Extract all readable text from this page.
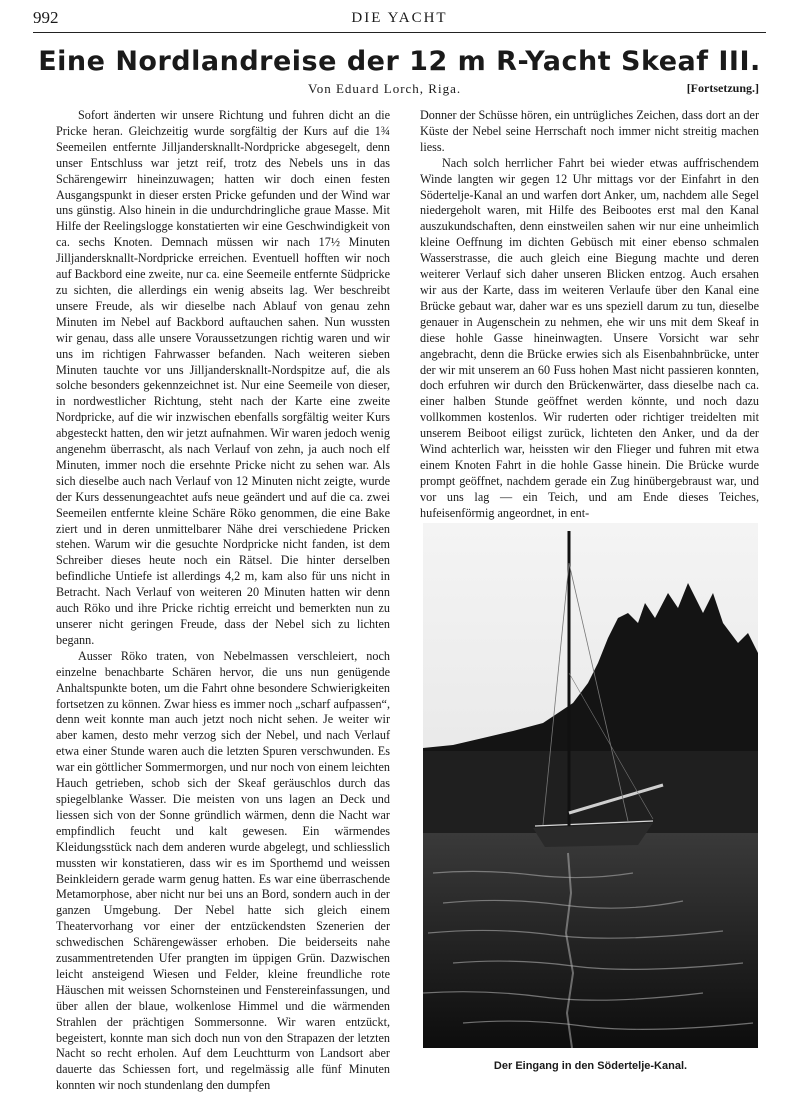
992	DIE YACHT
Eine Nordlandreise der 12 m R-Yacht Skeaf III.
Von Eduard Lorch, Riga.	[Fortsetzung.]

Sofort änderten wir unsere Richtung und fuhren dicht an die Pricke heran. Gleichzeitig wurde sorgfältig der Kurs auf die 1¾ Seemeilen entfernte Jilljandersknallt-Nordpricke abgesegelt, denn unser Entschluss war jetzt reif, trotz des Nebels uns in das Schärengewirr hineinzuwagen; hatten wir doch einen festen Ausgangspunkt in dieser ersten Pricke gefunden und der Wind war uns günstig. Also hinein in die undurchdringliche graue Masse. Mit Hilfe der Reelingslogge konstatierten wir eine Geschwindigkeit von ca. sechs Knoten. Demnach müssen wir nach 17½ Minuten Jilljandersknallt-Nordpricke erreichen. Eventuell hofften wir noch auf Backbord eine zweite, nur ca. eine Seemeile entfernte Südpricke zu sichten, die allerdings ein wenig abseits lag. Wer beschreibt unsere Freude, als wir dieselbe nach Ablauf von genau zehn Minuten im Nebel auf Backbord auftauchen sahen. Nun wussten wir genau, dass alle unsere Voraussetzungen richtig waren und wir uns im richtigen Fahrwasser befanden. Nach weiteren sieben Minuten tauchte vor uns Jilljandersknallt-Nordspitze auf, die als solche besonders gekennzeichnet ist. Nur eine Seemeile von dieser, in nordwestlicher Richtung, steht nach der Karte eine zweite Nordpricke, auf die wir inzwischen ebenfalls sorgfältig weiter Kurs abgesteckt hatten, den wir jetzt aufnahmen. Wir waren jedoch wenig angenehm überrascht, als nach Verlauf von zehn, ja auch noch elf Minuten, immer noch die ersehnte Pricke nicht zu sehen war. Als sich dieselbe auch nach Verlauf von 12 Minuten nicht zeigte, wurde der Kurs dessenungeachtet aufs neue geändert und auf die ca. zwei Seemeilen entfernte kleine Schäre Röko genommen, die eine Bake ziert und in deren unmittelbarer Nähe drei verschiedene Pricken stehen. Warum wir die gesuchte Nordpricke nicht fanden, ist dem Schreiber dieses heute noch ein Rätsel. Die hinter derselben befindliche Untiefe ist allerdings 4,2 m, kam also für uns nicht in Betracht. Nach Verlauf von weiteren 20 Minuten hatten wir denn auch Röko und ihre Pricke richtig erreicht und bemerkten nun zu unserer nicht geringen Freude, dass der Nebel sich zu lichten begann.

Ausser Röko traten, von Nebelmassen verschleiert, noch einzelne benachbarte Schären hervor, die uns nun genügende Anhaltspunkte boten, um die Fahrt ohne besondere Schwierigkeiten fortsetzen zu können. Zwar hiess es immer noch „scharf aufpassen“, denn weit konnte man auch jetzt noch nicht sehen. Je weiter wir aber kamen, desto mehr verzog sich der Nebel, und nach Verlauf etwa einer Stunde waren auch die letzten Spuren verschwunden. Es war ein göttlicher Sommermorgen, und nur noch von einem leichten Hauch getrieben, schob sich der Skeaf geräuschlos durch das spiegelblanke Wasser. Die meisten von uns lagen an Deck und liessen sich von der Sonne gründlich wärmen, denn die Nacht war empfindlich feucht und kalt gewesen. Ein wärmendes Kleidungsstück nach dem anderen wurde abgelegt, und schliesslich mussten wir konstatieren, dass wir es im Sporthemd und weissen Beinkleidern gerade warm genug hatten. Es war eine überraschende Metamorphose, aber nicht nur bei uns an Bord, sondern auch in der ganzen Umgebung. Der Nebel hatte sich gleich einem Theatervorhang vor einer der entzückendsten Szenerien der schwedischen Schärengewässer erhoben. Die beiderseits nahe zusammentretenden Ufer prangten im üppigen Grün. Dazwischen leicht ansteigend Wiesen und Felder, kleine freundliche rote Häuschen mit weissen Schornsteinen und Fenstereinfassungen, und über allen der blaue, wolkenlose Himmel und die wärmenden Strahlen der prächtigen Sommersonne. Wir waren entzückt, begeistert, konnte man sich doch nun von den Strapazen der letzten Nacht so recht erholen. Auf dem Leuchtturm von Landsort aber dauerte das Schiessen fort, und regelmässig alle fünf Minuten konnten wir noch stundenlang den dumpfen

Donner der Schüsse hören, ein untrügliches Zeichen, dass dort an der Küste der Nebel seine Herrschaft noch immer nicht streitig machen liess.

Nach solch herrlicher Fahrt bei wieder etwas auffrischendem Winde langten wir gegen 12 Uhr mittags vor der Einfahrt in den Södertelje-Kanal an und warfen dort Anker, um, nachdem alle Segel niedergeholt waren, mit Hilfe des Beibootes erst mal den Kanal auszukundschaften, denn einstweilen sahen wir nur eine unheimlich kleine Oeffnung im dichten Gebüsch mit einer ebenso schmalen Wasserstrasse, die auch gleich eine Biegung machte und deren weiterer Verlauf sich daher unseren Blicken entzog. Auch ersahen wir aus der Karte, dass im weiteren Verlaufe über den Kanal eine Brücke gebaut war, daher war es uns speziell darum zu tun, dieselbe genauer in Augenschein zu nehmen, ehe wir uns mit dem Skeaf in diese hohle Gasse hineinwagten. Unsere Vorsicht war sehr angebracht, denn die Brücke erwies sich als Eisenbahnbrücke, unter der wir mit unserem an 60 Fuss hohen Mast nicht passieren konnten, doch erfuhren wir durch den Brückenwärter, dass dieselbe nach ca. einer halben Stunde geöffnet werden könnte, und noch dazu vollkommen kostenlos. Wir ruderten oder richtiger treidelten mit unserem Beiboot eiligst zurück, lichteten den Anker, und da der Wind achterlich war, heissten wir den Flieger und fuhren mit etwa einem Knoten Fahrt in die hohle Gasse hinein. Die Brücke wurde prompt geöffnet, nachdem gerade ein Zug hinübergebraust war, und vor uns lag — ein Teich, und am Ende dieses Teiches, hufeisenförmig angeordnet, in ent-

Der Eingang in den Södertelje-Kanal.
